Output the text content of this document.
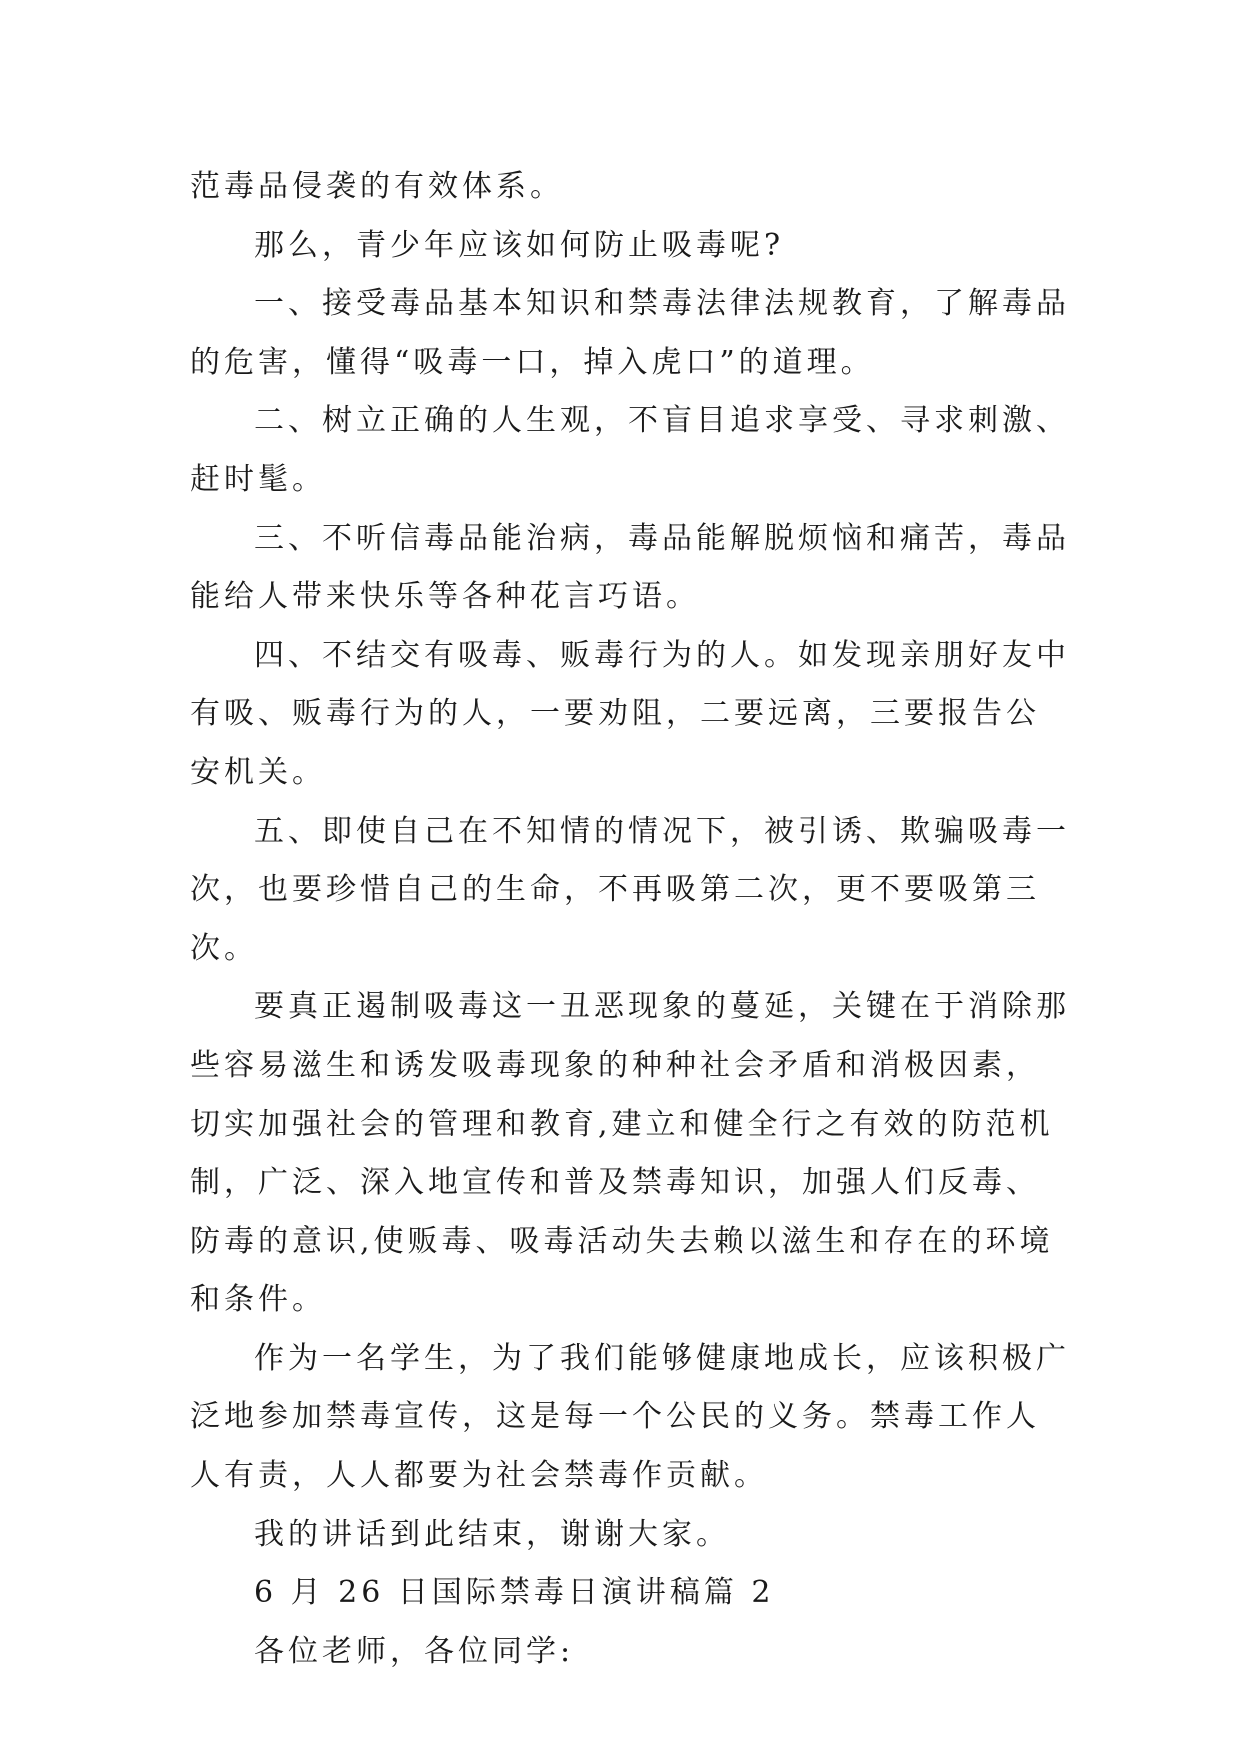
范毒品侵袭的有效体系。

那么，青少年应该如何防止吸毒呢?

一、接受毒品基本知识和禁毒法律法规教育，了解毒品的危害，懂得“吸毒一口，掉入虎口”的道理。

二、树立正确的人生观，不盲目追求享受、寻求刺激、赶时髦。

三、不听信毒品能治病，毒品能解脱烦恼和痛苦，毒品能给人带来快乐等各种花言巧语。

四、不结交有吸毒、贩毒行为的人。如发现亲朋好友中有吸、贩毒行为的人，一要劝阻，二要远离，三要报告公安机关。

五、即使自己在不知情的情况下，被引诱、欺骗吸毒一次，也要珍惜自己的生命，不再吸第二次，更不要吸第三次。

要真正遏制吸毒这一丑恶现象的蔓延，关键在于消除那些容易滋生和诱发吸毒现象的种种社会矛盾和消极因素，切实加强社会的管理和教育,建立和健全行之有效的防范机制，广泛、深入地宣传和普及禁毒知识，加强人们反毒、防毒的意识,使贩毒、吸毒活动失去赖以滋生和存在的环境和条件。

作为一名学生，为了我们能够健康地成长，应该积极广泛地参加禁毒宣传，这是每一个公民的义务。禁毒工作人人有责，人人都要为社会禁毒作贡献。

我的讲话到此结束，谢谢大家。

6 月 26 日国际禁毒日演讲稿篇 2

各位老师，各位同学:
